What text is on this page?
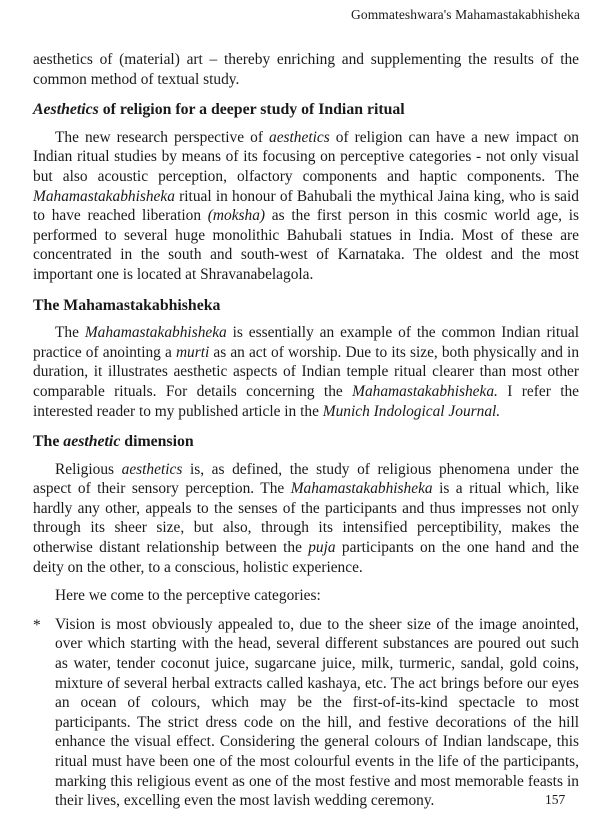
Gommateshwara's Mahamastakabhisheka

aesthetics of (material) art – thereby enriching and supplementing the results of the common method of textual study.

Aesthetics of religion for a deeper study of Indian ritual

The new research perspective of aesthetics of religion can have a new impact on Indian ritual studies by means of its focusing on perceptive categories - not only visual but also acoustic perception, olfactory components and haptic components. The Mahamastakabhisheka ritual in honour of Bahubali the mythical Jaina king, who is said to have reached liberation (moksha) as the first person in this cosmic world age, is performed to several huge monolithic Bahubali statues in India. Most of these are concentrated in the south and south-west of Karnataka. The oldest and the most important one is located at Shravanabelagola.

The Mahamastakabhisheka

The Mahamastakabhisheka is essentially an example of the common Indian ritual practice of anointing a murti as an act of worship. Due to its size, both physically and in duration, it illustrates aesthetic aspects of Indian temple ritual clearer than most other comparable rituals. For details concerning the Mahamastakabhisheka. I refer the interested reader to my published article in the Munich Indological Journal.

The aesthetic dimension

Religious aesthetics is, as defined, the study of religious phenomena under the aspect of their sensory perception. The Mahamastakabhisheka is a ritual which, like hardly any other, appeals to the senses of the participants and thus impresses not only through its sheer size, but also, through its intensified perceptibility, makes the otherwise distant relationship between the puja participants on the one hand and the deity on the other, to a conscious, holistic experience.

Here we come to the perceptive categories:

* Vision is most obviously appealed to, due to the sheer size of the image anointed, over which starting with the head, several different substances are poured out such as water, tender coconut juice, sugarcane juice, milk, turmeric, sandal, gold coins, mixture of several herbal extracts called kashaya, etc. The act brings before our eyes an ocean of colours, which may be the first-of-its-kind spectacle to most participants. The strict dress code on the hill, and festive decorations of the hill enhance the visual effect. Considering the general colours of Indian landscape, this ritual must have been one of the most colourful events in the life of the participants, marking this religious event as one of the most festive and most memorable feasts in their lives, excelling even the most lavish wedding ceremony.	157
